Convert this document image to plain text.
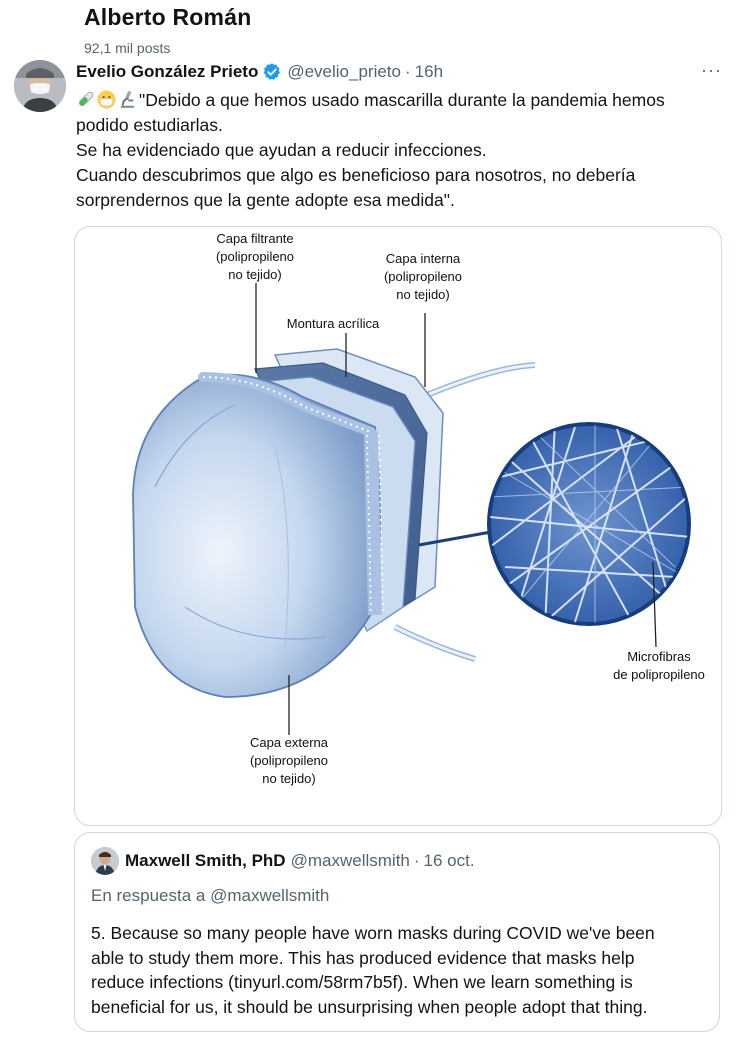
Alberto Román
92,1 mil posts
Evelio González Prieto @evelio_prieto · 16h	···

"Debido a que hemos usado mascarilla durante la pandemia hemos

podido estudiarlas.

Se ha evidenciado que ayudan a reducir infecciones.

Cuando descubrimos que algo es beneficioso para nosotros, no debería

sorprendernos que la gente adopte esa medida".

Capa filtrante
(polipropileno
no tejido)
Capa interna
(polipropileno
no tejido)
Montura acrílica
Capa externa
(polipropileno
no tejido)
Microfibras
de polipropileno
Maxwell Smith, PhD @maxwellsmith · 16 oct.
En respuesta a @maxwellsmith
5. Because so many people have worn masks during COVID we've been
able to study them more. This has produced evidence that masks help
reduce infections (tinyurl.com/58rm7b5f). When we learn something is
beneficial for us, it should be unsurprising when people adopt that thing.
